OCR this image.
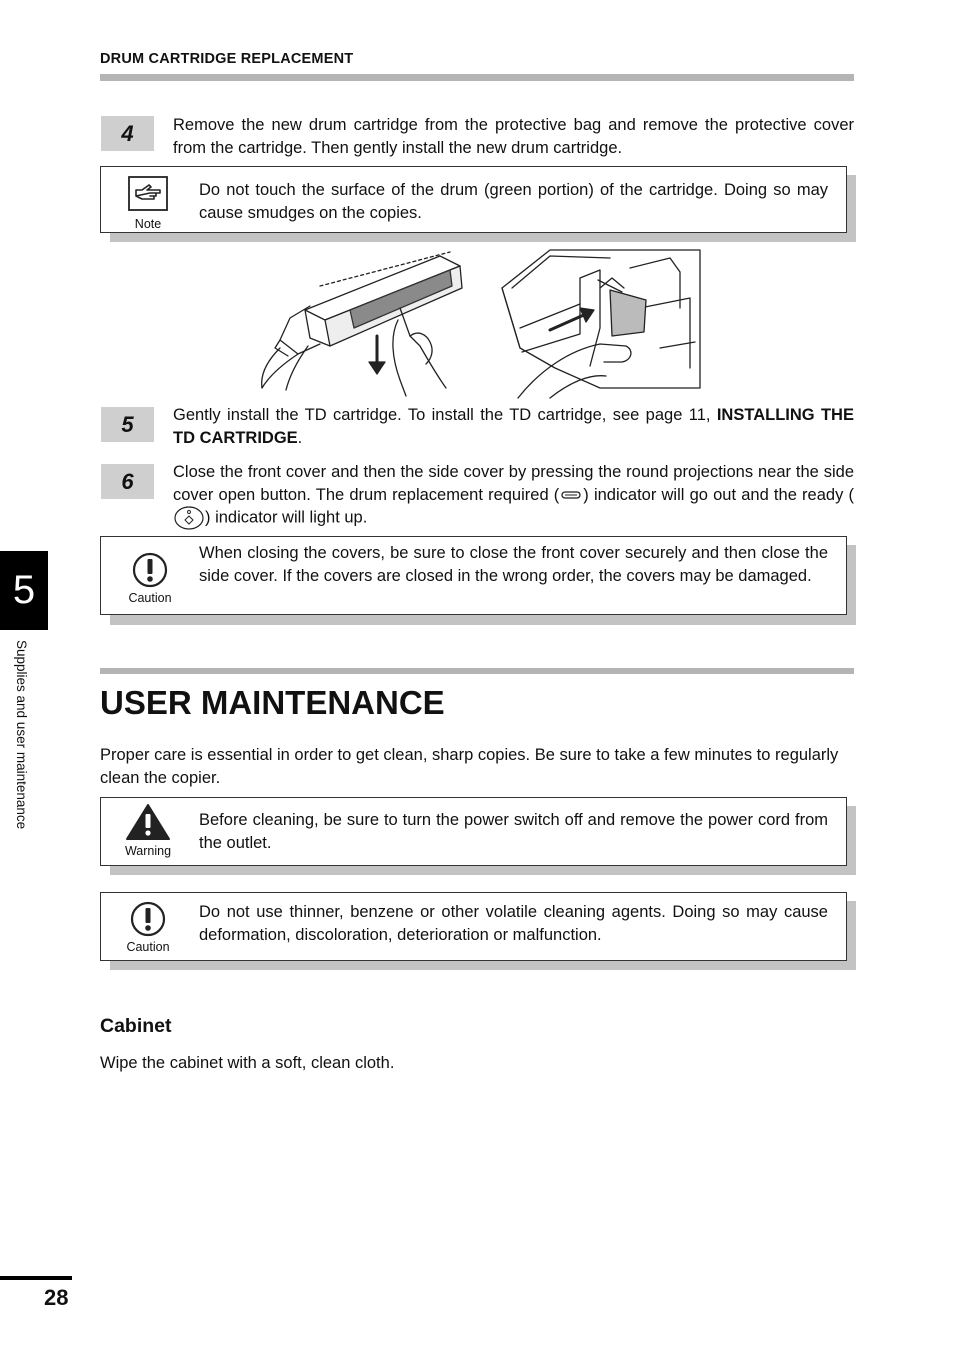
DRUM CARTRIDGE REPLACEMENT
4	Remove the new drum cartridge from the protective bag and remove the protective cover from the cartridge. Then gently install the new drum cartridge.
Note
Do not touch the surface of the drum (green portion) of the cartridge. Doing so may cause smudges on the copies.
5	Gently install the TD cartridge. To install the TD cartridge, see page 11, INSTALLING THE TD CARTRIDGE.
6	Close the front cover and then the side cover by pressing the round projections near the side cover open button. The drum replacement required ( ) indicator will go out and the ready () indicator will light up.
Caution
When closing the covers, be sure to close the front cover securely and then close the side cover. If the covers are closed in the wrong order, the covers may be damaged.
5
Supplies and user maintenance USER MAINTENANCE
Proper care is essential in order to get clean, sharp copies. Be sure to take a few minutes to regularly clean the copier.
Warning
Before cleaning, be sure to turn the power switch off and remove the power cord from the outlet.
Caution
Do not use thinner, benzene or other volatile cleaning agents. Doing so may cause deformation, discoloration, deterioration or malfunction.
Cabinet
Wipe the cabinet with a soft, clean cloth.
28
